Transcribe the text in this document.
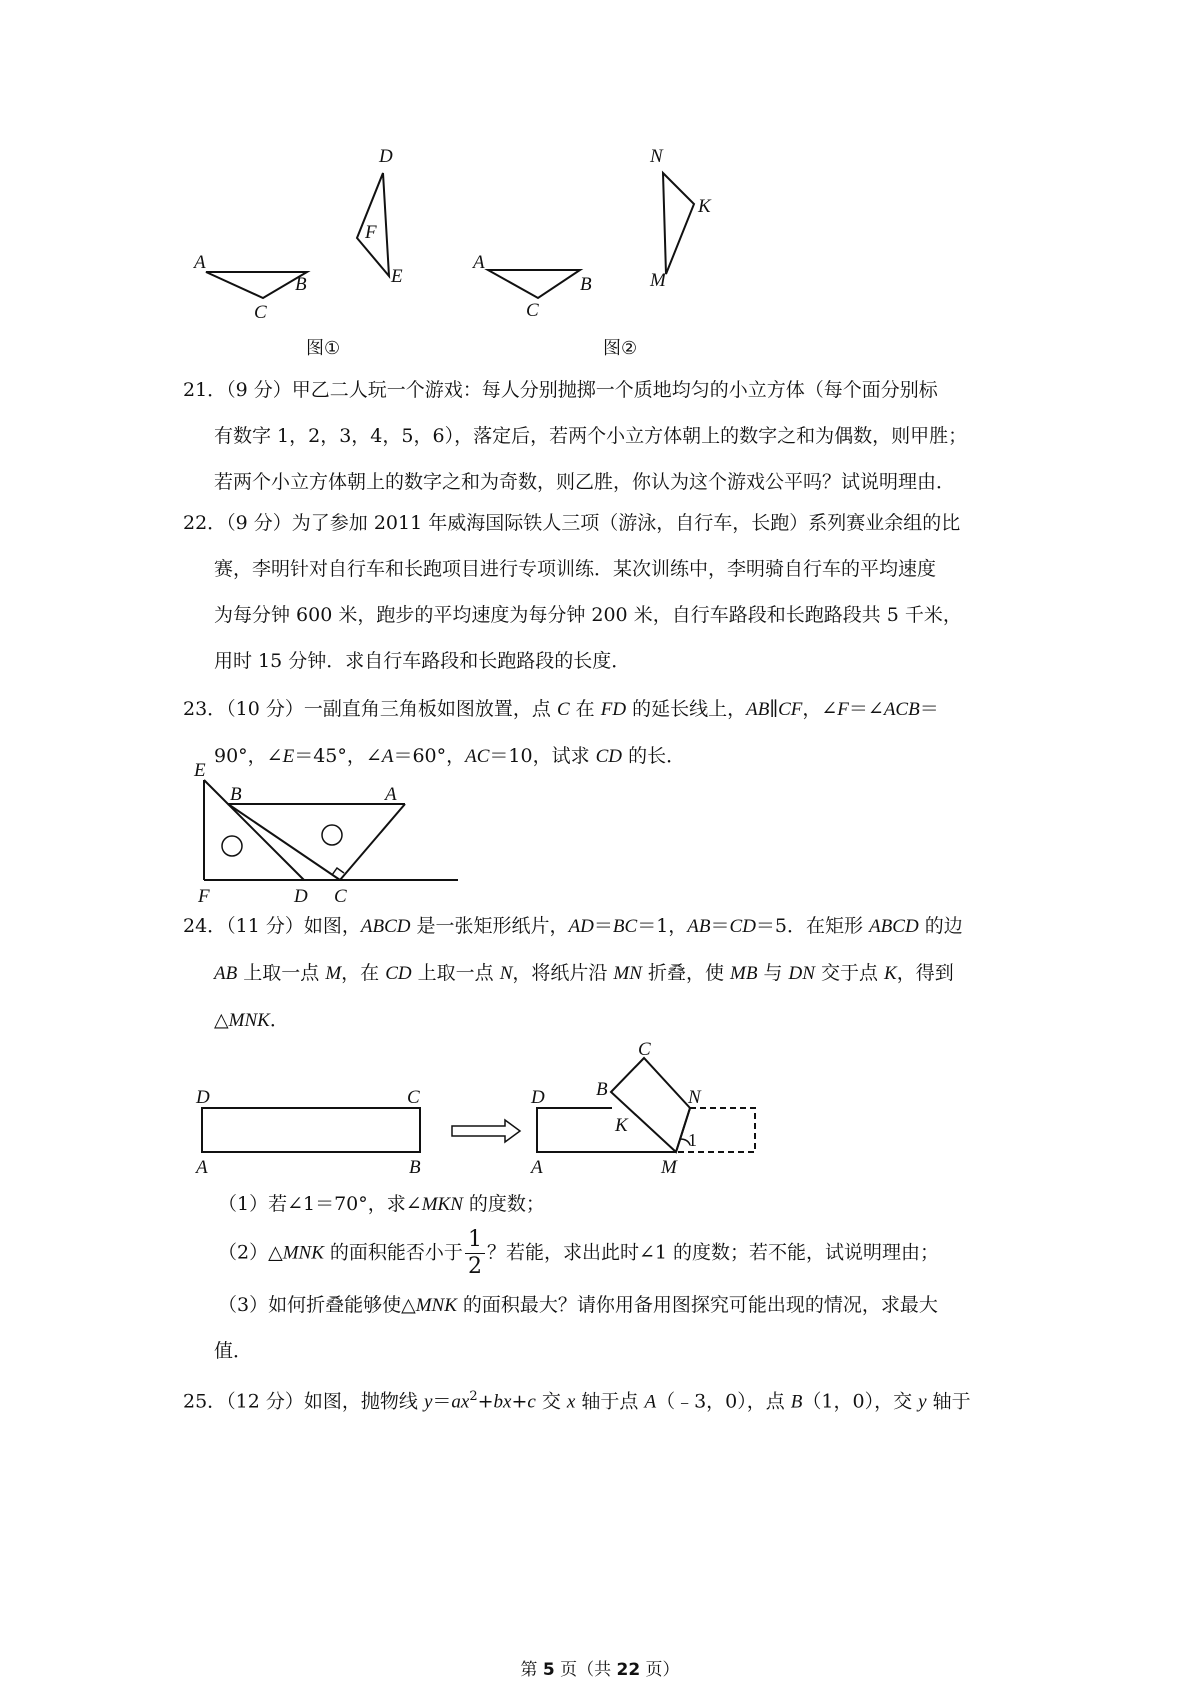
A
B
C
D
E
F
图①
A
B
C
N
K
M
图②
21．（9 分）甲乙二人玩一个游戏：每人分别抛掷一个质地均匀的小立方体（每个面分别标
有数字 1，2，3，4，5，6），落定后，若两个小立方体朝上的数字之和为偶数，则甲胜；
若两个小立方体朝上的数字之和为奇数，则乙胜，你认为这个游戏公平吗？试说明理由．
22．（9 分）为了参加 2011 年威海国际铁人三项（游泳，自行车，长跑）系列赛业余组的比
赛，李明针对自行车和长跑项目进行专项训练．某次训练中，李明骑自行车的平均速度
为每分钟 600 米，跑步的平均速度为每分钟 200 米，自行车路段和长跑路段共 5 千米，
用时 15 分钟．求自行车路段和长跑路段的长度．
23．（10 分）一副直角三角板如图放置，点 C 在 FD 的延长线上，AB∥CF，∠F＝∠ACB＝
90°，∠E＝45°，∠A＝60°，AC＝10，试求 CD 的长．
E
B	A
F	D C
24．（11 分）如图，ABCD 是一张矩形纸片，AD＝BC＝1，AB＝CD＝5．在矩形 ABCD 的边
AB 上取一点 M，在 CD 上取一点 N，将纸片沿 MN 折叠，使 MB 与 DN 交于点 K，得到
△MNK．
D	C
A	B
C
B
D	N
K
A	M
1
（1）若∠1＝70°，求∠MKN 的度数；
（2）△MNK 的面积能否小于 $\frac{1}{2}$ ？若能，求出此时∠1 的度数；若不能，试说明理由；
（3）如何折叠能够使△MNK 的面积最大？请你用备用图探究可能出现的情况，求最大
值．
25．（12 分）如图，抛物线 $y=ax^2+bx+c$ 交 x 轴于点 A（﹣3，0），点 B（1，0），交 y 轴于
第 5 页（共 22 页）
